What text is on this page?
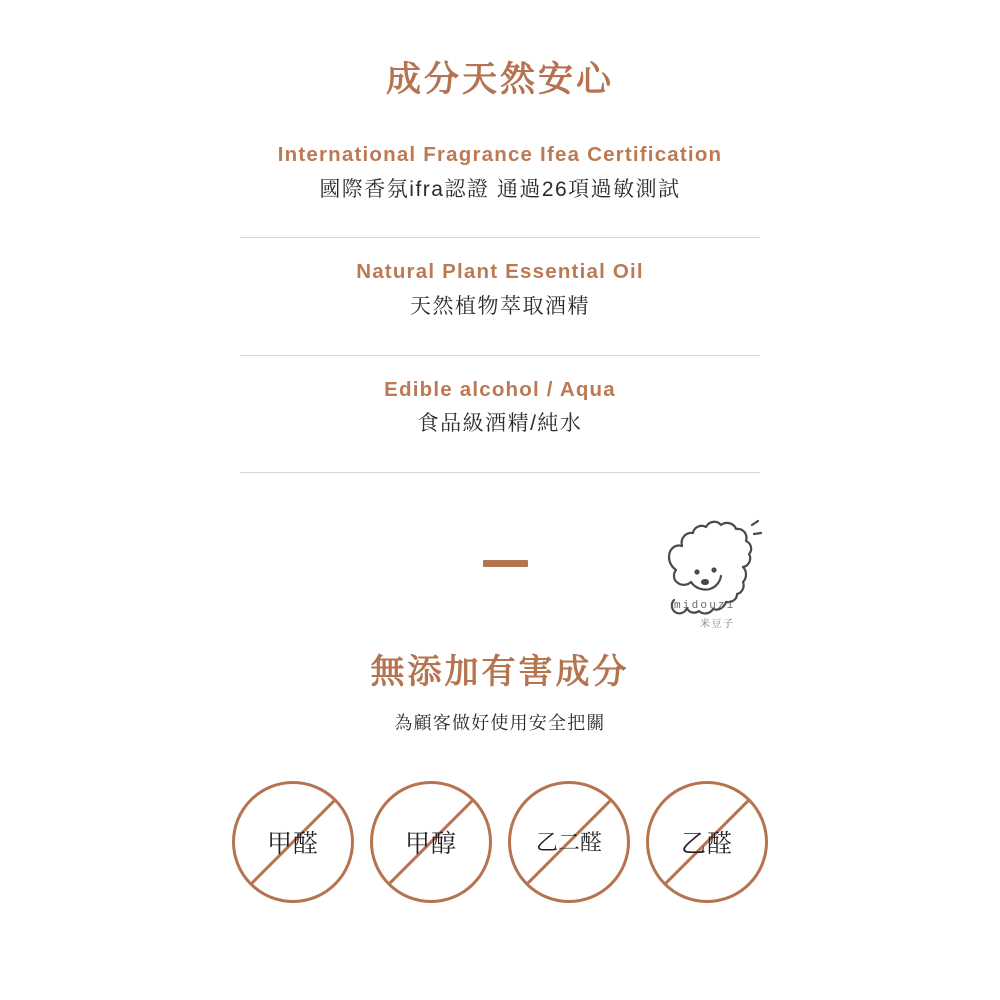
成分天然安心
International Fragrance Ifea Certification
國際香氛ifra認證 通過26項過敏測試
Natural Plant Essential Oil
天然植物萃取酒精
Edible alcohol / Aqua
食品級酒精/純水
midouzi
米豆子
無添加有害成分
為顧客做好使用安全把關
甲醛	甲醇	乙二醛	乙醛
